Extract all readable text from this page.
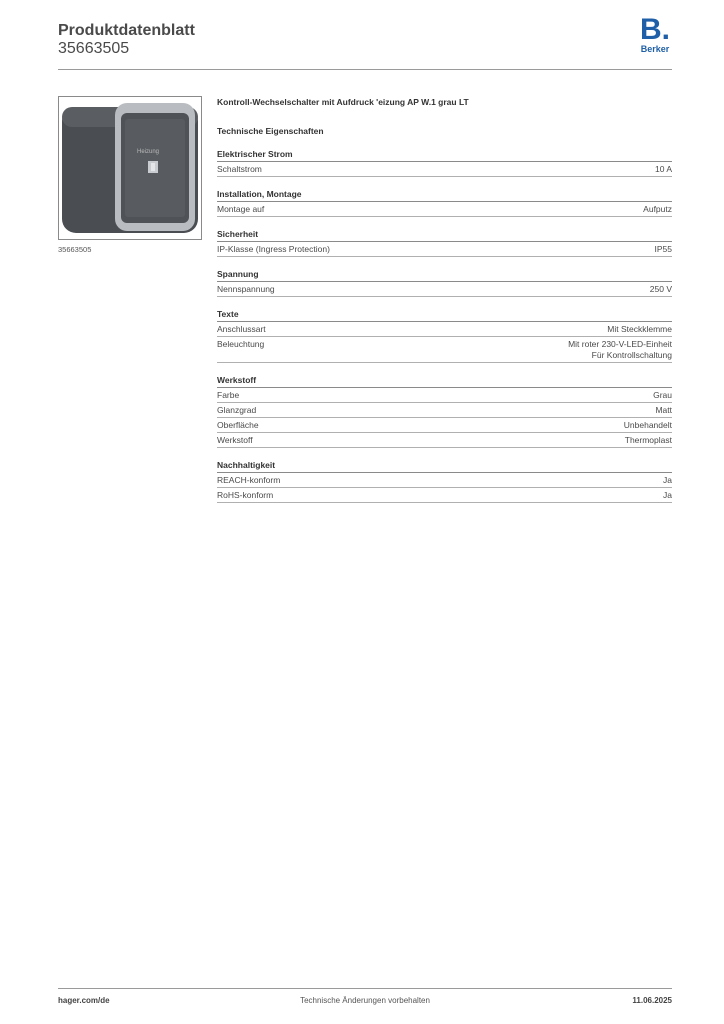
Produktdatenblatt
35663505
B.
Berker
Heizung
35663505
Kontroll-Wechselschalter mit Aufdruck 'eizung AP W.1 grau LT
Technische Eigenschaften
Elektrischer Strom
Schaltstrom	10 A
Installation, Montage
Montage auf	Aufputz
Sicherheit
IP-Klasse (Ingress Protection)	IP55
Spannung
Nennspannung	250 V
Texte
Anschlussart	Mit Steckklemme
Beleuchtung	Mit roter 230-V-LED-Einheit
Für Kontrollschaltung
Werkstoff
Farbe	Grau
Glanzgrad	Matt
Oberfläche	Unbehandelt
Werkstoff	Thermoplast
Nachhaltigkeit
REACH-konform	Ja
RoHS-konform	Ja
hager.com/de	Technische Änderungen vorbehalten	11.06.2025
